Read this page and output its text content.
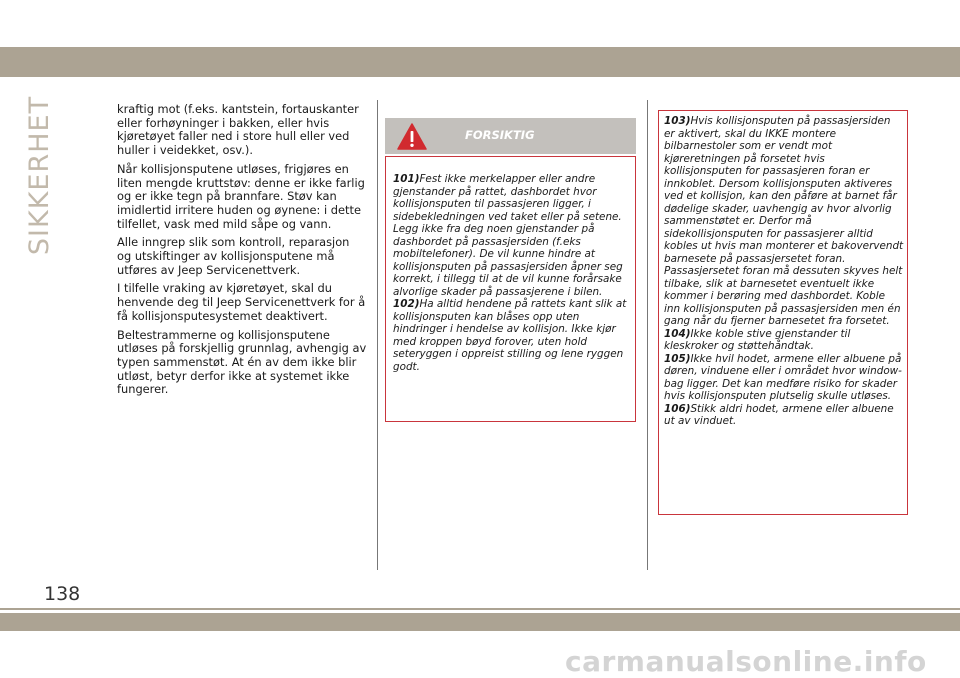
SIKKERHET
138

kraftig mot (f.eks. kantstein, fortauskanter eller forhøyninger i bakken, eller hvis kjøretøyet faller ned i store hull eller ved huller i veidekket, osv.).

Når kollisjonsputene utløses, frigjøres en liten mengde kruttstøv: denne er ikke farlig og er ikke tegn på brannfare. Støv kan imidlertid irritere huden og øynene: i dette tilfellet, vask med mild såpe og vann.

Alle inngrep slik som kontroll, reparasjon og utskiftinger av kollisjonsputene må utføres av Jeep Servicenettverk.

I tilfelle vraking av kjøretøyet, skal du henvende deg til Jeep Servicenettverk for å få kollisjonsputesystemet deaktivert.

Beltestrammerne og kollisjonsputene utløses på forskjellig grunnlag, avhengig av typen sammenstøt. At én av dem ikke blir utløst, betyr derfor ikke at systemet ikke fungerer.

FORSIKTIG

101)Fest ikke merkelapper eller andre gjenstander på rattet, dashbordet hvor kollisjonsputen til passasjeren ligger, i sidebekledningen ved taket eller på setene. Legg ikke fra deg noen gjenstander på dashbordet på passasjersiden (f.eks mobiltelefoner). De vil kunne hindre at kollisjonsputen på passasjersiden åpner seg korrekt, i tillegg til at de vil kunne forårsake alvorlige skader på passasjerene i bilen.

102)Ha alltid hendene på rattets kant slik at kollisjonsputen kan blåses opp uten hindringer i hendelse av kollisjon. Ikke kjør med kroppen bøyd forover, uten hold seteryggen i oppreist stilling og lene ryggen godt.

103)Hvis kollisjonsputen på passasjersiden er aktivert, skal du IKKE montere bilbarnestoler som er vendt mot kjøreretningen på forsetet hvis kollisjonsputen for passasjeren foran er innkoblet. Dersom kollisjonsputen aktiveres ved et kollisjon, kan den påføre at barnet får dødelige skader, uavhengig av hvor alvorlig sammenstøtet er. Derfor må sidekollisjonsputen for passasjerer alltid kobles ut hvis man monterer et bakovervendt barnesete på passasjersetet foran. Passasjersetet foran må dessuten skyves helt tilbake, slik at barnesetet eventuelt ikke kommer i berøring med dashbordet. Koble inn kollisjonsputen på passasjersiden men én gang når du fjerner barnesetet fra forsetet.

104)Ikke koble stive gjenstander til kleskroker og støttehåndtak.

105)Ikke hvil hodet, armene eller albuene på døren, vinduene eller i området hvor window-bag ligger. Det kan medføre risiko for skader hvis kollisjonsputen plutselig skulle utløses.

106)Stikk aldri hodet, armene eller albuene ut av vinduet.

carmanualsonline.info
